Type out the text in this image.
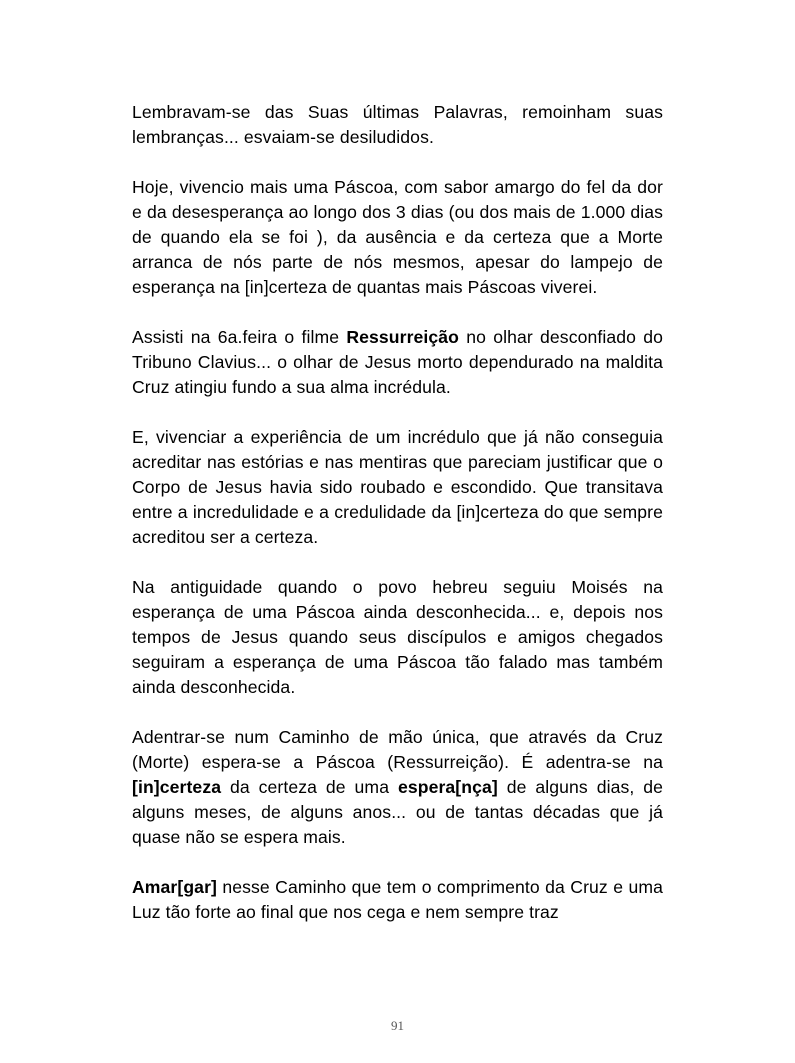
Lembravam-se das Suas últimas Palavras, remoinham suas lembranças... esvaiam-se desiludidos.

Hoje, vivencio mais uma Páscoa, com sabor amargo do fel da dor e da desesperança ao longo dos 3 dias (ou dos mais de 1.000 dias de quando ela se foi ), da ausência e da certeza que a Morte arranca de nós parte de nós mesmos, apesar do lampejo de esperança na [in]certeza de quantas mais Páscoas viverei.

Assisti na 6a.feira o filme Ressurreição no olhar desconfiado do Tribuno Clavius... o olhar de Jesus morto dependurado na maldita Cruz atingiu fundo a sua alma incrédula.

E, vivenciar a experiência de um incrédulo que já não conseguia acreditar nas estórias e nas mentiras que pareciam justificar que o Corpo de Jesus havia sido roubado e escondido. Que transitava entre a incredulidade e a credulidade da [in]certeza do que sempre acreditou ser a certeza.

Na antiguidade quando o povo hebreu seguiu Moisés na esperança de uma Páscoa ainda desconhecida... e, depois nos tempos de Jesus quando seus discípulos e amigos chegados seguiram a esperança de uma Páscoa tão falado mas também ainda desconhecida.

Adentrar-se num Caminho de mão única, que através da Cruz (Morte) espera-se a Páscoa (Ressurreição). É adentra-se na [in]certeza da certeza de uma espera[nça] de alguns dias, de alguns meses, de alguns anos... ou de tantas décadas que já quase não se espera mais.

Amar[gar] nesse Caminho que tem o comprimento da Cruz e uma Luz tão forte ao final que nos cega e nem sempre traz

91
